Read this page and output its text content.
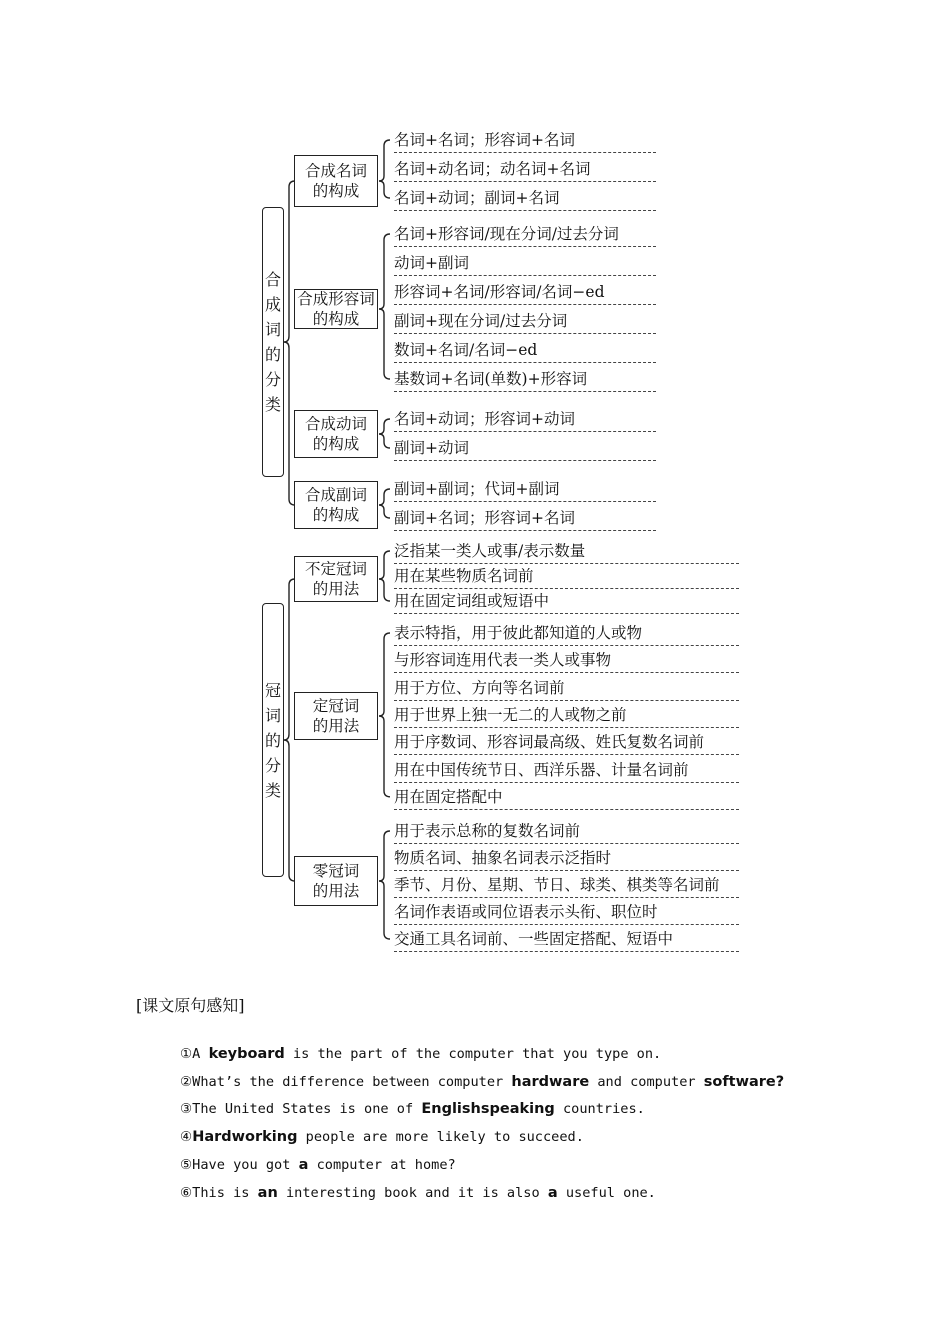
合
成
词
的
分
类
合成名词
的构成
名词+名词；形容词+名词
名词+动名词；动名词+名词
名词+动词；副词+名词
合成形容词
的构成
名词+形容词/现在分词/过去分词
动词+副词
形容词+名词/形容词/名词−ed
副词+现在分词/过去分词
数词+名词/名词−ed
基数词+名词(单数)+形容词
合成动词
的构成
名词+动词；形容词+动词
副词+动词
合成副词
的构成
副词+副词；代词+副词
副词+名词；形容词+名词
冠
词
的
分
类
不定冠词
的用法
泛指某一类人或事/表示数量
用在某些物质名词前
用在固定词组或短语中
定冠词
的用法
表示特指，用于彼此都知道的人或物
与形容词连用代表一类人或事物
用于方位、方向等名词前
用于世界上独一无二的人或物之前
用于序数词、形容词最高级、姓氏复数名词前
用在中国传统节日、西洋乐器、计量名词前
用在固定搭配中
零冠词
的用法
用于表示总称的复数名词前
物质名词、抽象名词表示泛指时
季节、月份、星期、节日、球类、棋类等名词前
名词作表语或同位语表示头衔、职位时
交通工具名词前、一些固定搭配、短语中
[课文原句感知]
①A keyboard is the part of the computer that you type on.
②What’s the difference between computer hardware and computer software?
③The United States is one of Englishspeaking countries.
④Hardworking people are more likely to succeed.
⑤Have you got a computer at home?
⑥This is an interesting book and it is also a useful one.
